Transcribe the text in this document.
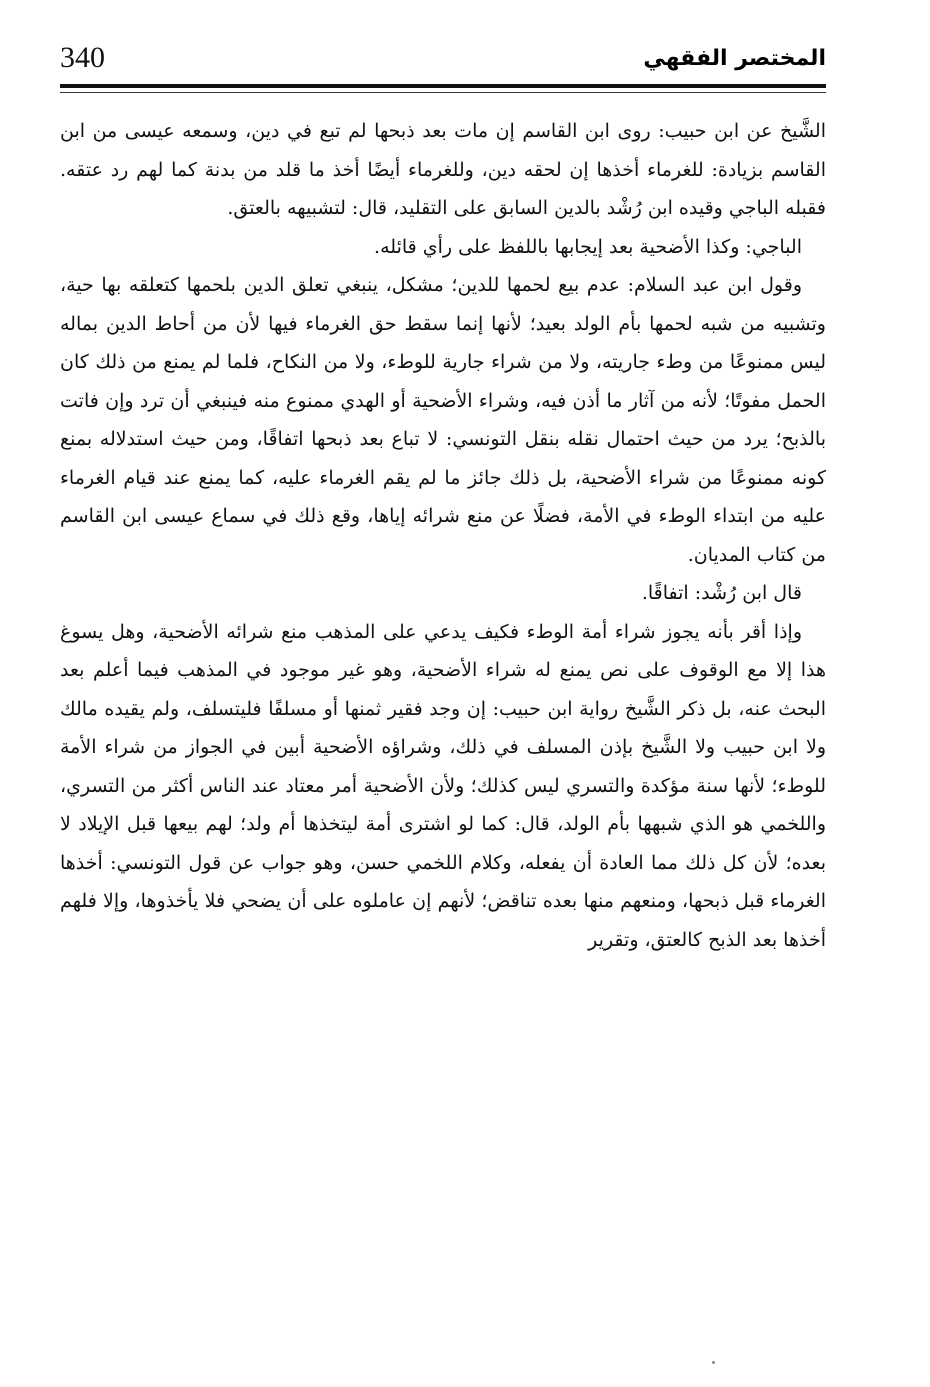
340	المختصر الفقهي

الشَّيخ عن ابن حبيب: روى ابن القاسم إن مات بعد ذبحها لم تبع في دين، وسمعه عيسى من ابن القاسم بزيادة: للغرماء أخذها إن لحقه دين، وللغرماء أيضًا أخذ ما قلد من بدنة كما لهم رد عتقه. فقبله الباجي وقيده ابن رُشْد بالدين السابق على التقليد، قال: لتشبيهه بالعتق.

الباجي: وكذا الأضحية بعد إيجابها باللفظ على رأي قائله.

وقول ابن عبد السلام: عدم بيع لحمها للدين؛ مشكل، ينبغي تعلق الدين بلحمها كتعلقه بها حية، وتشبيه من شبه لحمها بأم الولد بعيد؛ لأنها إنما سقط حق الغرماء فيها لأن من أحاط الدين بماله ليس ممنوعًا من وطء جاريته، ولا من شراء جارية للوطء، ولا من النكاح، فلما لم يمنع من ذلك كان الحمل مفوتًا؛ لأنه من آثار ما أذن فيه، وشراء الأضحية أو الهدي ممنوع منه فينبغي أن ترد وإن فاتت بالذبح؛ يرد من حيث احتمال نقله بنقل التونسي: لا تباع بعد ذبحها اتفاقًا، ومن حيث استدلاله بمنع كونه ممنوعًا من شراء الأضحية، بل ذلك جائز ما لم يقم الغرماء عليه، كما يمنع عند قيام الغرماء عليه من ابتداء الوطء في الأمة، فضلًا عن منع شرائه إياها، وقع ذلك في سماع عيسى ابن القاسم من كتاب المديان.

قال ابن رُشْد: اتفاقًا.

وإذا أقر بأنه يجوز شراء أمة الوطء فكيف يدعي على المذهب منع شرائه الأضحية، وهل يسوغ هذا إلا مع الوقوف على نص يمنع له شراء الأضحية، وهو غير موجود في المذهب فيما أعلم بعد البحث عنه، بل ذكر الشَّيخ رواية ابن حبيب: إن وجد فقير ثمنها أو مسلفًا فليتسلف، ولم يقيده مالك ولا ابن حبيب ولا الشَّيخ بإذن المسلف في ذلك، وشراؤه الأضحية أبين في الجواز من شراء الأمة للوطء؛ لأنها سنة مؤكدة والتسري ليس كذلك؛ ولأن الأضحية أمر معتاد عند الناس أكثر من التسري، واللخمي هو الذي شبهها بأم الولد، قال: كما لو اشترى أمة ليتخذها أم ولد؛ لهم بيعها قبل الإيلاد لا بعده؛ لأن كل ذلك مما العادة أن يفعله، وكلام اللخمي حسن، وهو جواب عن قول التونسي: أخذها الغرماء قبل ذبحها، ومنعهم منها بعده تناقض؛ لأنهم إن عاملوه على أن يضحي فلا يأخذوها، وإلا فلهم أخذها بعد الذبح كالعتق، وتقرير
